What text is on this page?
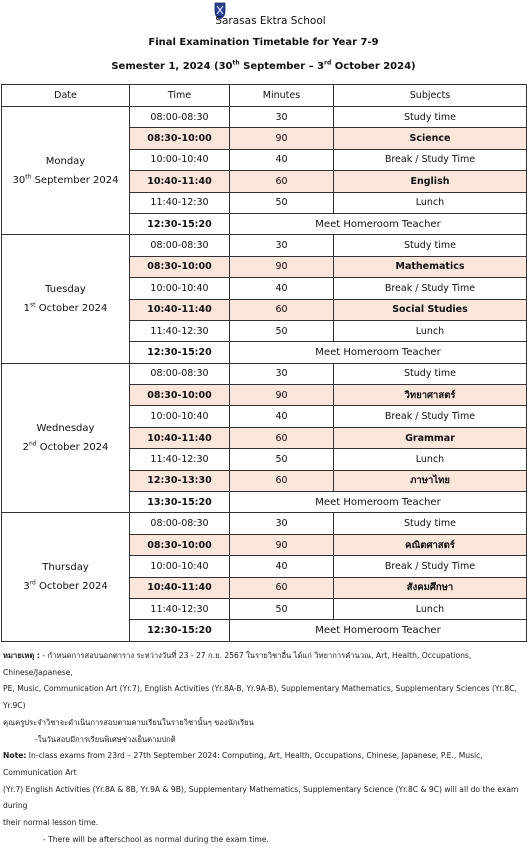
Sarasas Ektra School
Final Examination Timetable for Year 7-9
Semester 1, 2024 (30th September – 3rd October 2024)
Date	Time	Minutes	Subjects

Monday
30th September 2024	08:00-08:30	30	Study time
	08:30-10:00	90	Science
	10:00-10:40	40	Break / Study Time
	10:40-11:40	60	English
	11:40-12:30	50	Lunch
	12:30-15:20	Meet Homeroom Teacher	

Tuesday
1st October 2024	08:00-08:30	30	Study time
	08:30-10:00	90	Mathematics
	10:00-10:40	40	Break / Study Time
	10:40-11:40	60	Social Studies
	11:40-12:30	50	Lunch
	12:30-15:20	Meet Homeroom Teacher	

Wednesday
2nd October 2024	08:00-08:30	30	Study time
	08:30-10:00	90	วิทยาศาสตร์
	10:00-10:40	40	Break / Study Time
	10:40-11:40	60	Grammar
	11:40-12:30	50	Lunch
	12:30-13:30	60	ภาษาไทย
	13:30-15:20	Meet Homeroom Teacher	

Thursday
3rd October 2024	08:00-08:30	30	Study time
	08:30-10:00	90	คณิตศาสตร์
	10:00-10:40	40	Break / Study Time
	10:40-11:40	60	สังคมศึกษา
	11:40-12:30	50	Lunch
	12:30-15:20	Meet Homeroom Teacher	

หมายเหตุ : - กำหนดการสอบนอกตาราง ระหว่างวันที่ 23 - 27 ก.ย. 2567 ในรายวิชาอื่น ได้แก่ วิทยาการคำนวณ, Art, Health, Occupations, Chinese/Japanese,

PE, Music, Communication Art (Yr.7), English Activities (Yr.8A-B, Yr.9A-B), Supplementary Mathematics, Supplementary Sciences (Yr.8C, Yr.9C)

คุณครูประจำวิชาจะดำเนินการสอบตามคาบเรียนในรายวิชานั้นๆ ของนักเรียน

-ในวันสอบมีการเรียนพิเศษช่วงเย็นตามปกติ

Note: In-class exams from 23rd – 27th September 2024: Computing, Art, Health, Occupations, Chinese, Japanese, P.E., Music, Communication Art

(Yr.7) English Activities (Yr.8A & 8B, Yr.9A & 9B), Supplementary Mathematics, Supplementary Science (Yr.8C & 9C) will all do the exam during

their normal lesson time.

- There will be afterschool as normal during the exam time.
